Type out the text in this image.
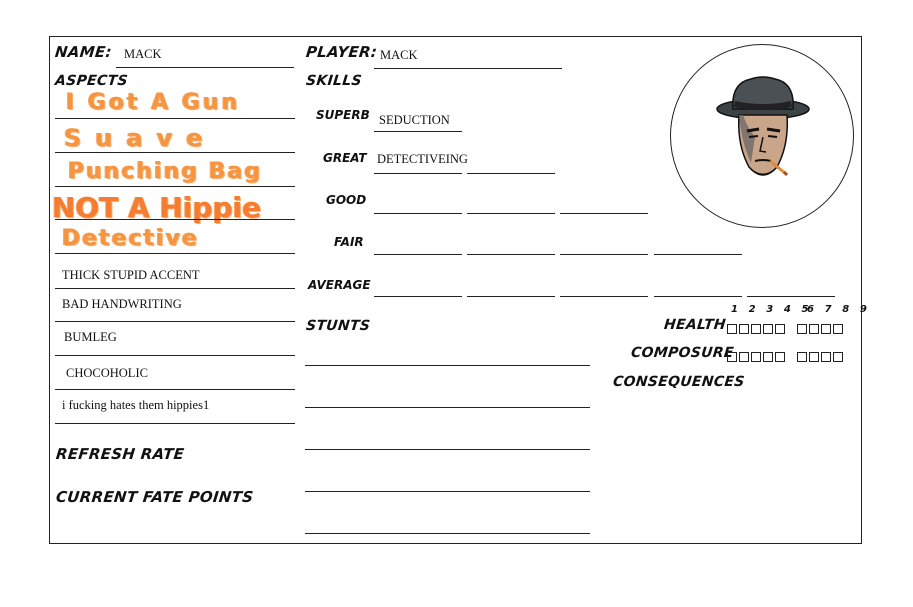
NAME: MACK	PLAYER: MACK
ASPECTS
I Got A Gun
Suave
Punching Bag
NOT A Hippie
Detective
THICK STUPID ACCENT
BAD HANDWRITING
BUMLEG
CHOCOHOLIC
i fucking hates them hippies1
REFRESH RATE
CURRENT FATE POINTS
SKILLS
SUPERB SEDUCTION
GREAT DETECTIVEING
GOOD
FAIR
AVERAGE
STUNTS
1 2 3 4 5
6 7 8 9
HEALTH
COMPOSURE
CONSEQUENCES
